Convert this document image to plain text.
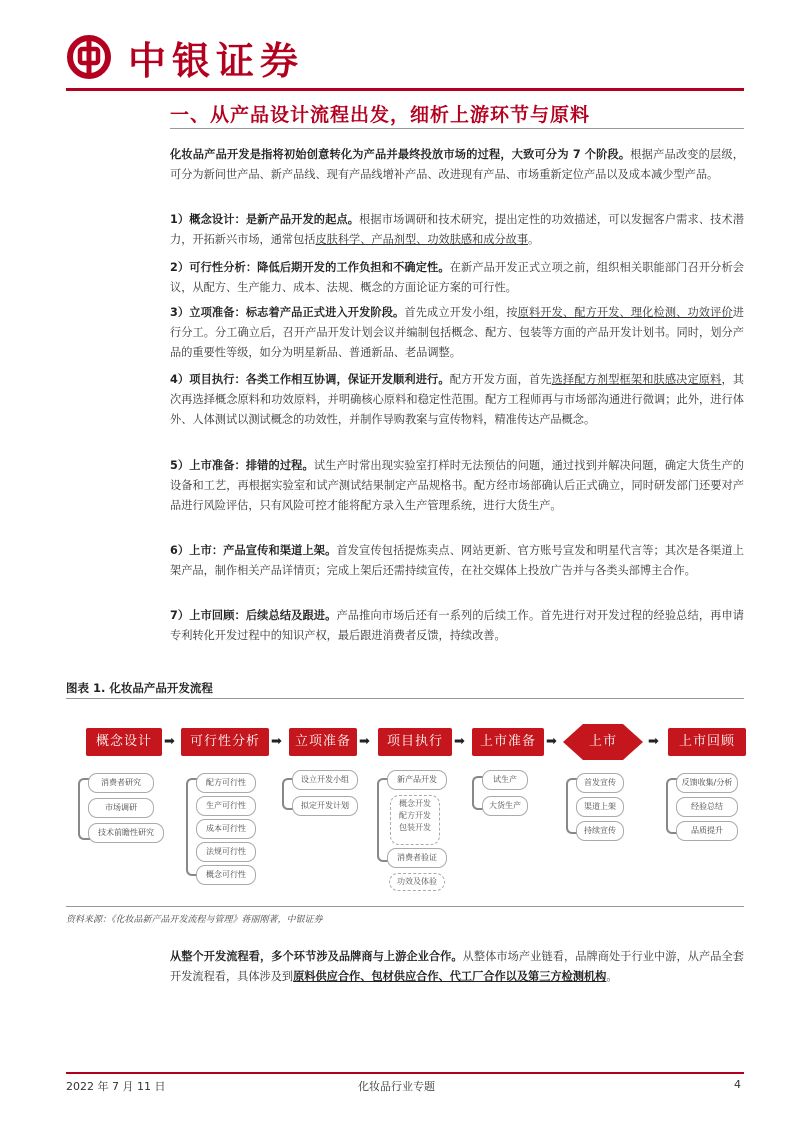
中银证券
一、从产品设计流程出发，细析上游环节与原料
化妆品产品开发是指将初始创意转化为产品并最终投放市场的过程，大致可分为 7 个阶段。根据产品改变的层级，可分为新问世产品、新产品线、现有产品线增补产品、改进现有产品、市场重新定位产品以及成本减少型产品。
1）概念设计：是新产品开发的起点。根据市场调研和技术研究，提出定性的功效描述，可以发掘客户需求、技术潜力，开拓新兴市场，通常包括皮肤科学、产品剂型、功效肤感和成分故事。
2）可行性分析：降低后期开发的工作负担和不确定性。在新产品开发正式立项之前，组织相关职能部门召开分析会议，从配方、生产能力、成本、法规、概念的方面论证方案的可行性。
3）立项准备：标志着产品正式进入开发阶段。首先成立开发小组，按原料开发、配方开发、理化检测、功效评价进行分工。分工确立后，召开产品开发计划会议并编制包括概念、配方、包装等方面的产品开发计划书。同时，划分产品的重要性等级，如分为明星新品、普通新品、老品调整。
4）项目执行：各类工作相互协调，保证开发顺利进行。配方开发方面，首先选择配方剂型框架和肤感决定原料，其次再选择概念原料和功效原料，并明确核心原料和稳定性范围。配方工程师再与市场部沟通进行微调；此外，进行体外、人体测试以测试概念的功效性，并制作导购教案与宣传物料，精准传达产品概念。
5）上市准备：排错的过程。试生产时常出现实验室打样时无法预估的问题，通过找到并解决问题，确定大货生产的设备和工艺，再根据实验室和试产测试结果制定产品规格书。配方经市场部确认后正式确立，同时研发部门还要对产品进行风险评估，只有风险可控才能将配方录入生产管理系统，进行大货生产。
6）上市：产品宣传和渠道上架。首发宣传包括提炼卖点、网站更新、官方账号宣发和明星代言等；其次是各渠道上架产品，制作相关产品详情页；完成上架后还需持续宣传，在社交媒体上投放广告并与各类头部博主合作。
7）上市回顾：后续总结及跟进。产品推向市场后还有一系列的后续工作。首先进行对开发过程的经验总结，再申请专利转化开发过程中的知识产权，最后跟进消费者反馈，持续改善。
图表 1. 化妆品产品开发流程
概念设计 ➡	可行性分析 ➡	立项准备 ➡	项目执行 ➡	上市准备 ➡	上市	➡	上市回顾
消费者研究
市场调研
技术前瞻性研究
配方可行性
生产可行性
成本可行性
法规可行性
概念可行性
设立开发小组
拟定开发计划
新产品开发
概念开发
配方开发
包装开发
消费者验证
功效及体验
试生产
大货生产
首发宣传
渠道上架
持续宣传
反馈收集/分析
经验总结
品质提升
资料来源：《化妆品新产品开发流程与管理》蒋丽刚著，中银证券
从整个开发流程看，多个环节涉及品牌商与上游企业合作。从整体市场产业链看，品牌商处于行业中游，从产品全套开发流程看，具体涉及到原料供应合作、包材供应合作、代工厂合作以及第三方检测机构。
2022 年 7 月 11 日	化妆品行业专题	4
